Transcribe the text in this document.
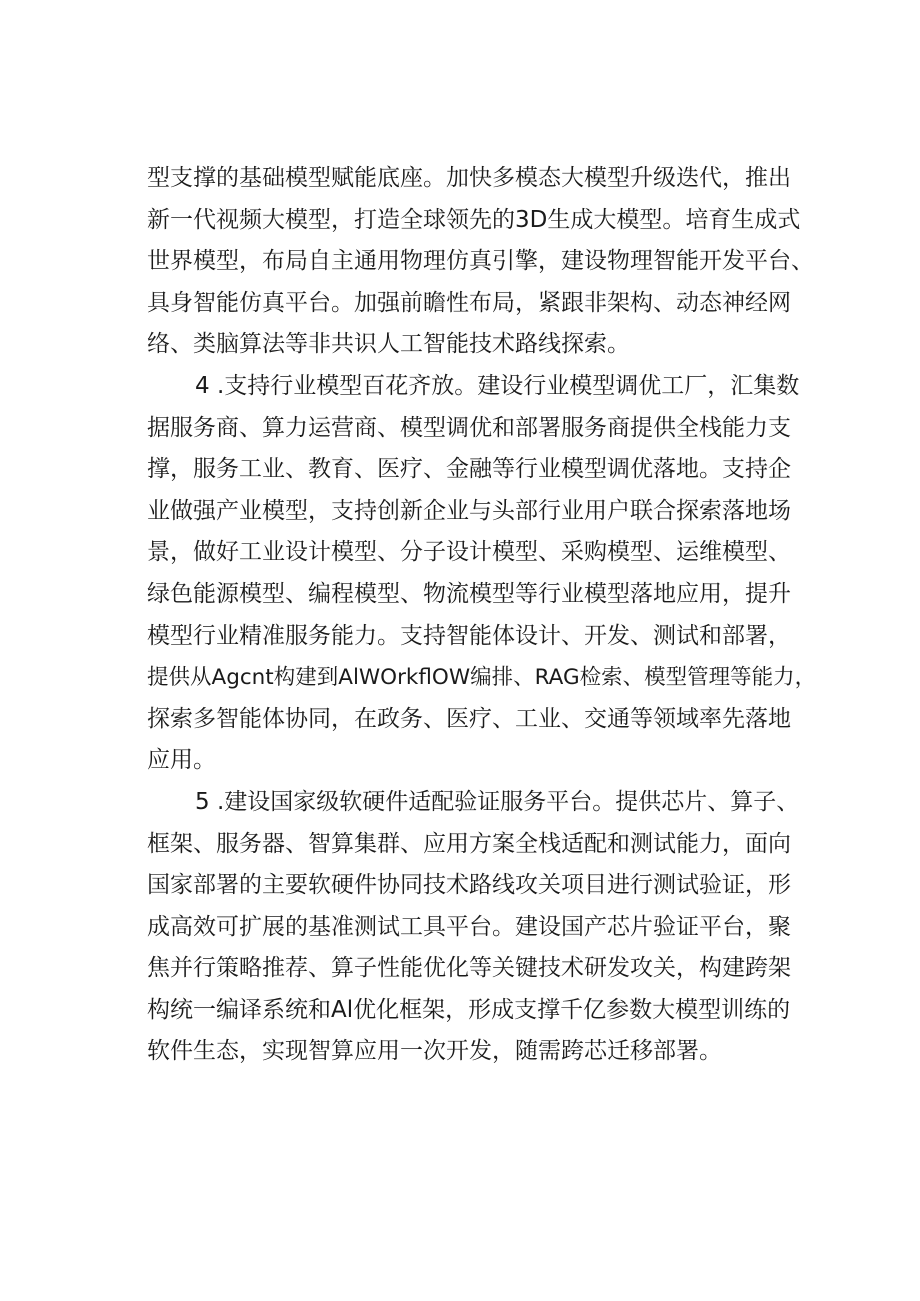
型支撑的基础模型赋能底座。加快多模态大模型升级迭代，推出
新一代视频大模型，打造全球领先的3D生成大模型。培育生成式
世界模型，布局自主通用物理仿真引擎，建设物理智能开发平台、
具身智能仿真平台。加强前瞻性布局，紧跟非架构、动态神经网
络、类脑算法等非共识人工智能技术路线探索。
4 .支持行业模型百花齐放。建设行业模型调优工厂，汇集数
据服务商、算力运营商、模型调优和部署服务商提供全栈能力支
撑，服务工业、教育、医疗、金融等行业模型调优落地。支持企
业做强产业模型，支持创新企业与头部行业用户联合探索落地场
景，做好工业设计模型、分子设计模型、采购模型、运维模型、
绿色能源模型、编程模型、物流模型等行业模型落地应用，提升
模型行业精准服务能力。支持智能体设计、开发、测试和部署，
提供从Agcnt构建到AlWOrkflOW编排、RAG检索、模型管理等能力，
探索多智能体协同，在政务、医疗、工业、交通等领域率先落地
应用。
5 .建设国家级软硬件适配验证服务平台。提供芯片、算子、
框架、服务器、智算集群、应用方案全栈适配和测试能力，面向
国家部署的主要软硬件协同技术路线攻关项目进行测试验证，形
成高效可扩展的基准测试工具平台。建设国产芯片验证平台，聚
焦并行策略推荐、算子性能优化等关键技术研发攻关，构建跨架
构统一编译系统和Al优化框架，形成支撑千亿参数大模型训练的
软件生态，实现智算应用一次开发，随需跨芯迁移部署。
